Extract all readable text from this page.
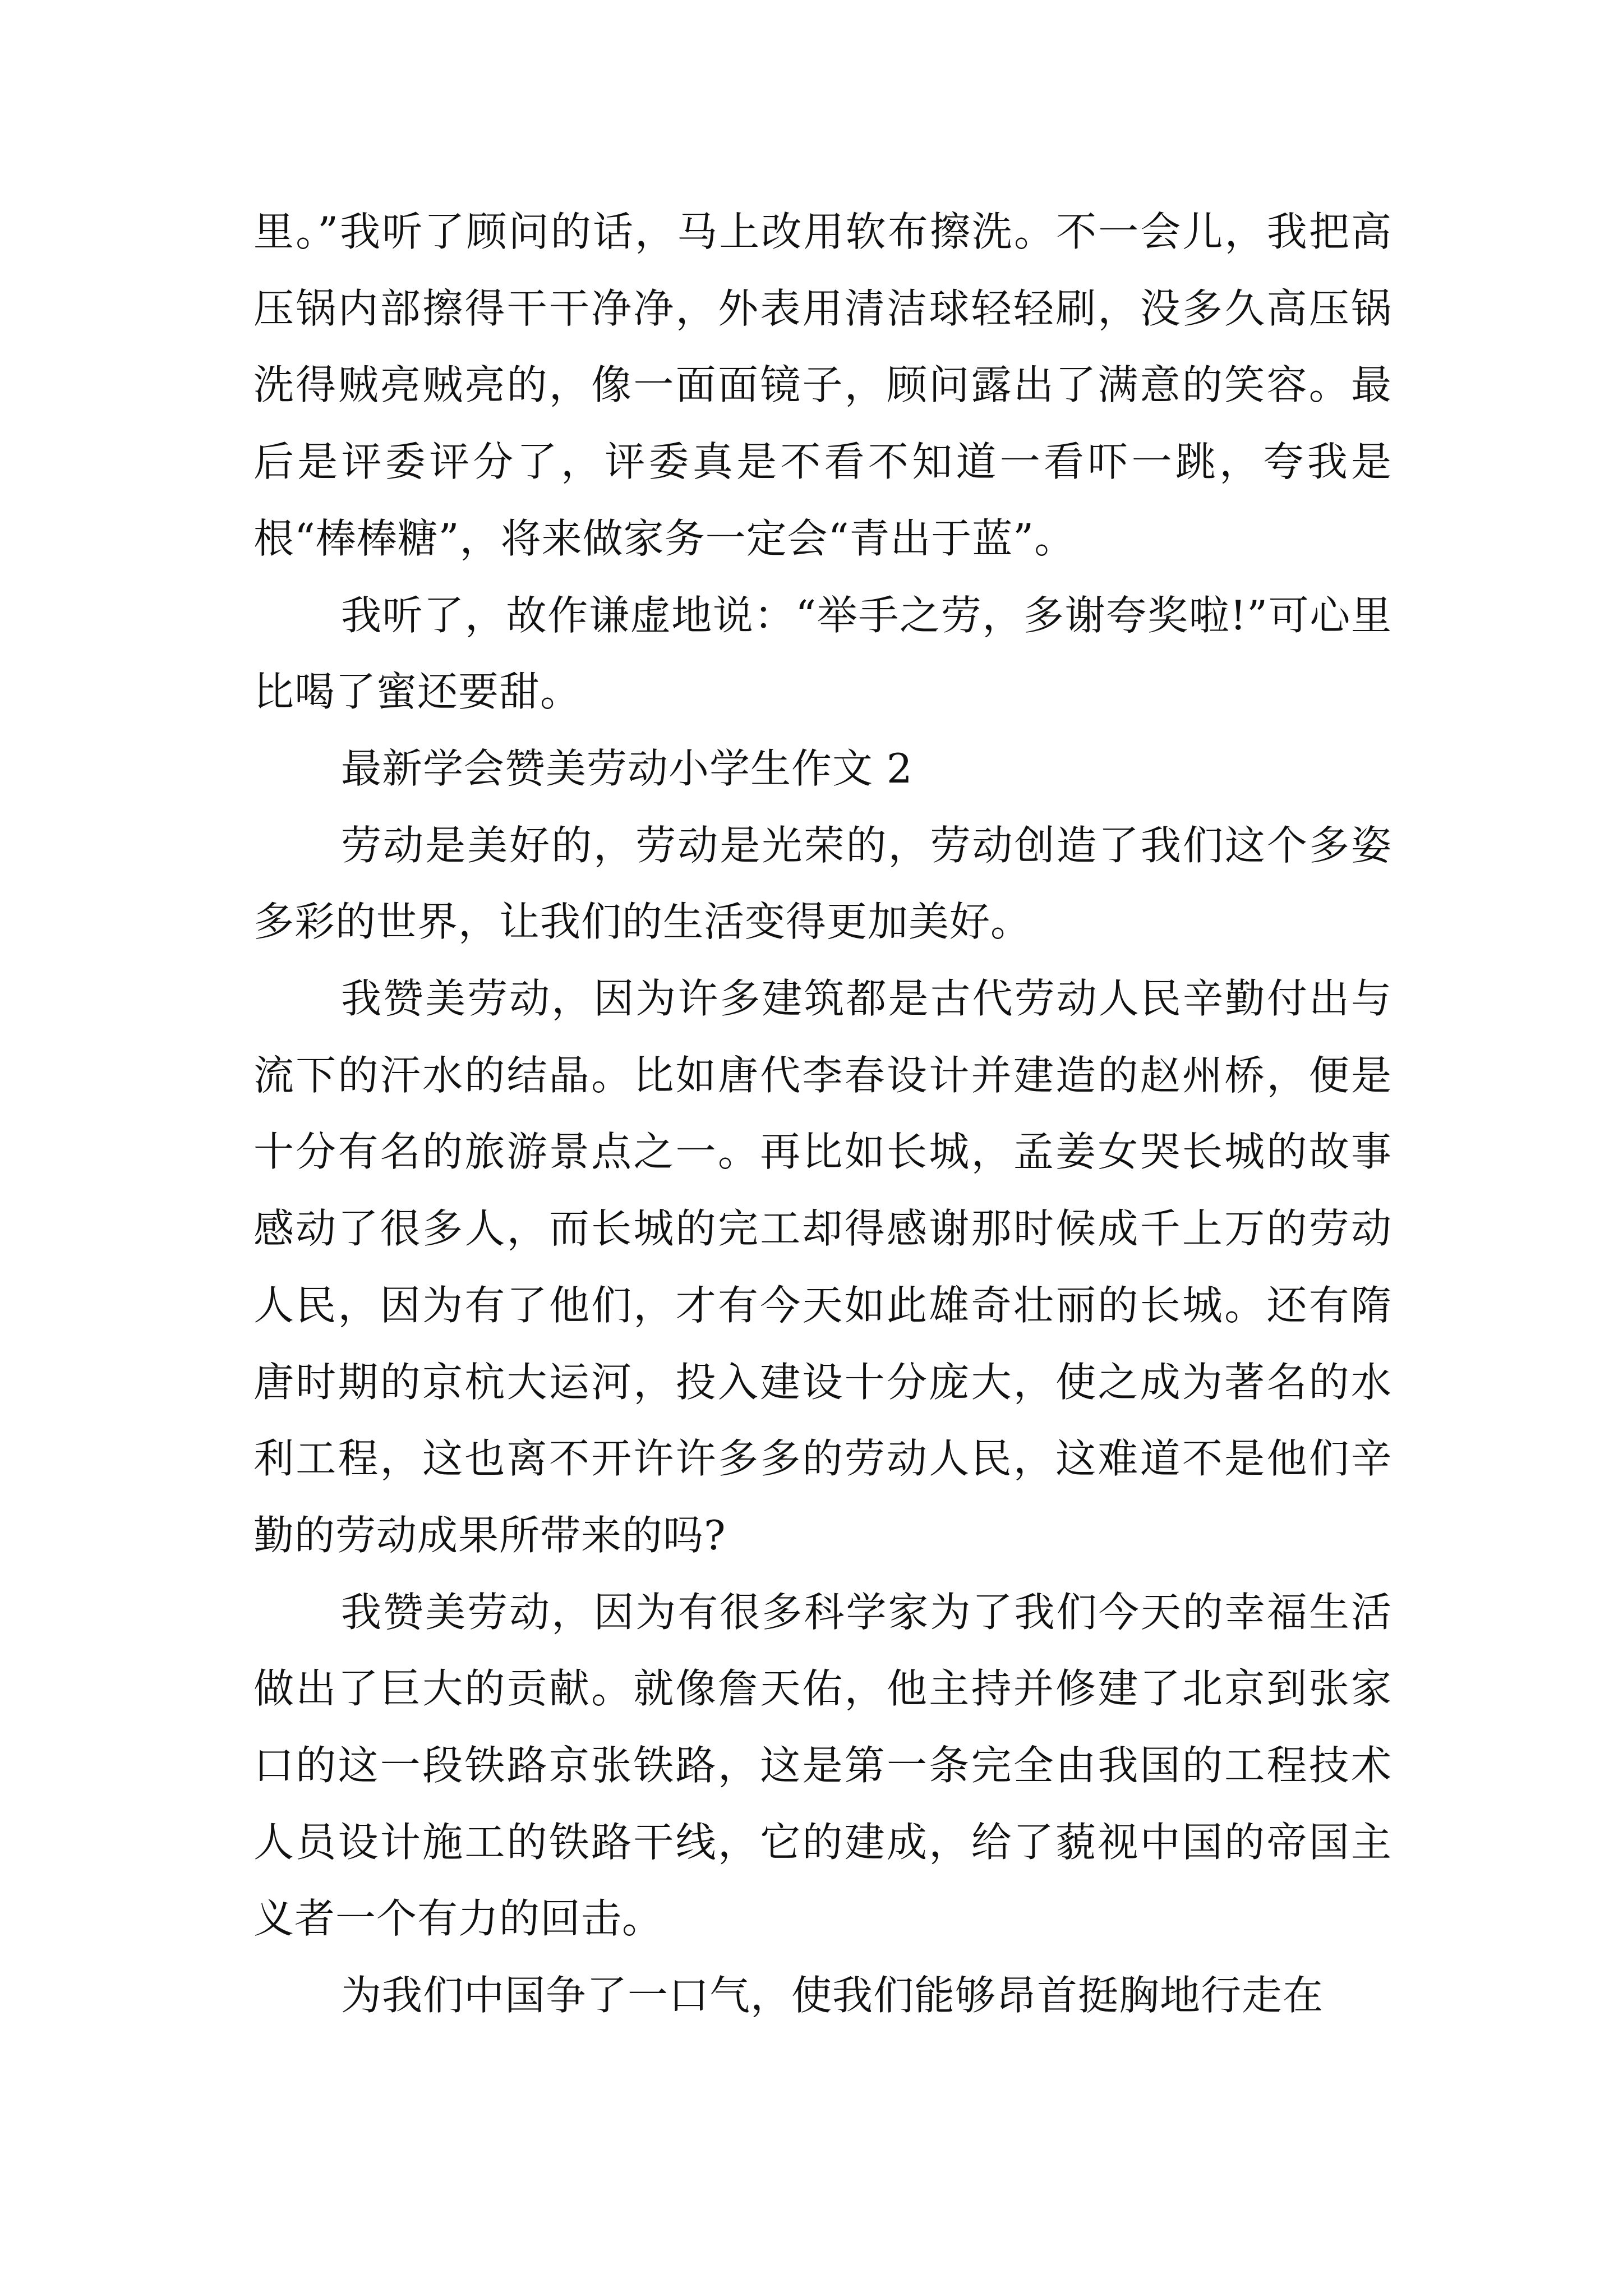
里。”我听了顾问的话，马上改用软布擦洗。不一会儿，我把高压锅内部擦得干干净净，外表用清洁球轻轻刷，没多久高压锅洗得贼亮贼亮的，像一面面镜子，顾问露出了满意的笑容。最后是评委评分了，评委真是不看不知道一看吓一跳，夸我是根“棒棒糖”，将来做家务一定会“青出于蓝”。

我听了，故作谦虚地说：“举手之劳，多谢夸奖啦!”可心里比喝了蜜还要甜。

最新学会赞美劳动小学生作文 2

劳动是美好的，劳动是光荣的，劳动创造了我们这个多姿多彩的世界，让我们的生活变得更加美好。

我赞美劳动，因为许多建筑都是古代劳动人民辛勤付出与流下的汗水的结晶。比如唐代李春设计并建造的赵州桥，便是十分有名的旅游景点之一。再比如长城，孟姜女哭长城的故事感动了很多人，而长城的完工却得感谢那时候成千上万的劳动人民，因为有了他们，才有今天如此雄奇壮丽的长城。还有隋唐时期的京杭大运河，投入建设十分庞大，使之成为著名的水利工程，这也离不开许许多多的劳动人民，这难道不是他们辛勤的劳动成果所带来的吗?

我赞美劳动，因为有很多科学家为了我们今天的幸福生活做出了巨大的贡献。就像詹天佑，他主持并修建了北京到张家口的这一段铁路京张铁路，这是第一条完全由我国的工程技术人员设计施工的铁路干线，它的建成，给了藐视中国的帝国主义者一个有力的回击。

为我们中国争了一口气，使我们能够昂首挺胸地行走在
